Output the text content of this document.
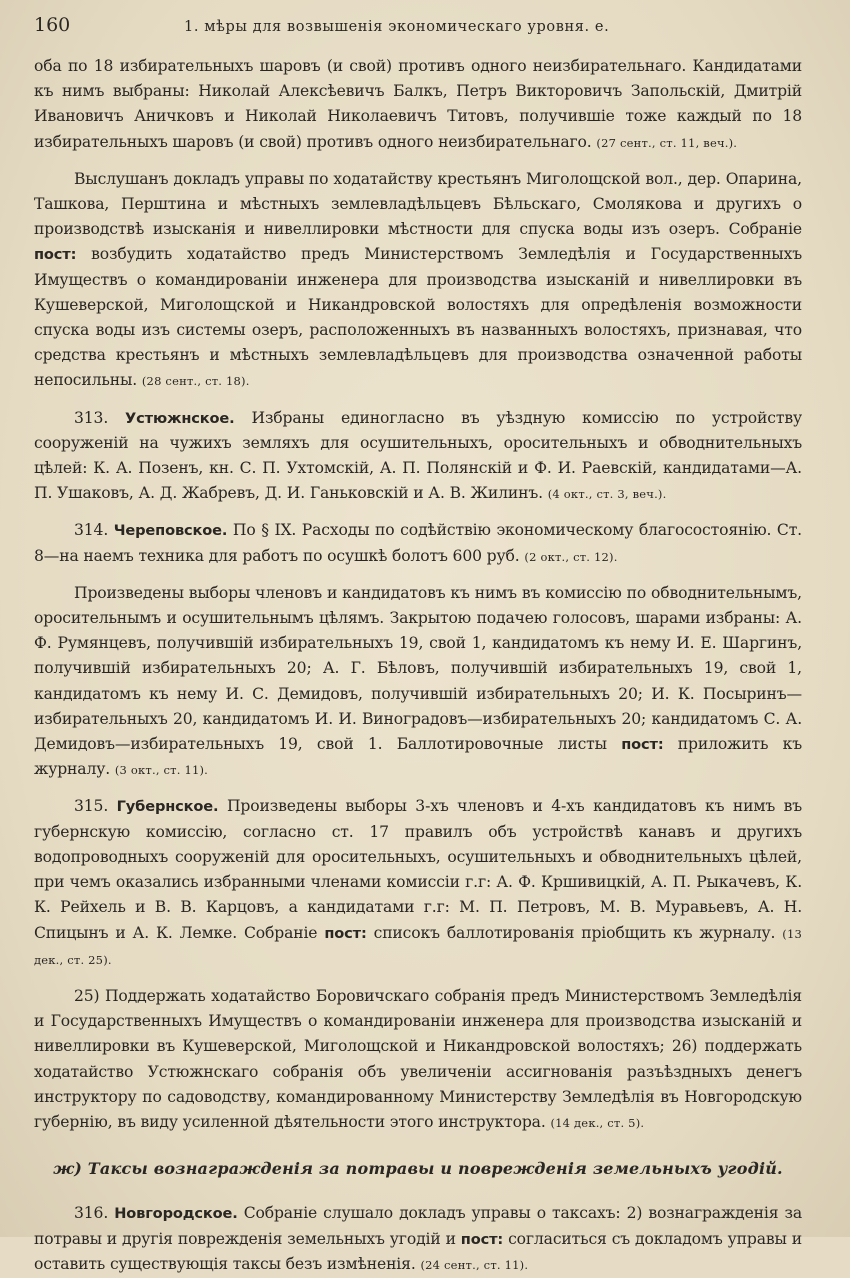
160	1. мѣры для возвышенія экономическаго уровня. е.

оба по 18 избирательныхъ шаровъ (и свой) противъ одного неизбирательнаго. Кандидатами къ нимъ выбраны: Николай Алексѣевичъ Балкъ, Петръ Викторовичъ Запольскій, Дмитрій Ивановичъ Аничковъ и Николай Николаевичъ Титовъ, получившіе тоже каждый по 18 избирательныхъ шаровъ (и свой) противъ одного неизбирательнаго. (27 сент., ст. 11, веч.).

Выслушанъ докладъ управы по ходатайству крестьянъ Миголощской вол., дер. Опарина, Ташкова, Перштина и мѣстныхъ землевладѣльцевъ Бѣльскаго, Смолякова и другихъ о производствѣ изысканія и нивеллировки мѣстности для спуска воды изъ озеръ. Собраніе пост: возбудить ходатайство предъ Министерствомъ Земледѣлія и Государственныхъ Имуществъ о командированіи инженера для производства изысканій и нивеллировки въ Кушеверской, Миголощской и Никандровской волостяхъ для опредѣленія возможности спуска воды изъ системы озеръ, расположенныхъ въ названныхъ волостяхъ, признавая, что средства крестьянъ и мѣстныхъ землевладѣльцевъ для производства означенной работы непосильны. (28 сент., ст. 18).

313. Устюжнское. Избраны единогласно въ уѣздную комиссію по устройству сооруженій на чужихъ земляхъ для осушительныхъ, оросительныхъ и обводнительныхъ цѣлей: К. А. Позенъ, кн. С. П. Ухтомскій, А. П. Полянскій и Ф. И. Раевскій, кандидатами—А. П. Ушаковъ, А. Д. Жабревъ, Д. И. Ганьковскій и А. В. Жилинъ. (4 окт., ст. 3, веч.).

314. Череповское. По § IX. Расходы по содѣйствію экономическому благосостоянію. Ст. 8—на наемъ техника для работъ по осушкѣ болотъ 600 руб. (2 окт., ст. 12).

Произведены выборы членовъ и кандидатовъ къ нимъ въ комиссію по обводнительнымъ, оросительнымъ и осушительнымъ цѣлямъ. Закрытою подачею голосовъ, шарами избраны: А. Ф. Румянцевъ, получившій избирательныхъ 19, свой 1, кандидатомъ къ нему И. Е. Шаргинъ, получившій избирательныхъ 20; А. Г. Бѣловъ, получившій избирательныхъ 19, свой 1, кандидатомъ къ нему И. С. Демидовъ, получившій избирательныхъ 20; И. К. Посыринъ—избирательныхъ 20, кандидатомъ И. И. Виноградовъ—избирательныхъ 20; кандидатомъ С. А. Демидовъ—избирательныхъ 19, свой 1. Баллотировочные листы пост: приложить къ журналу. (3 окт., ст. 11).

315. Губернское. Произведены выборы 3-хъ членовъ и 4-хъ кандидатовъ къ нимъ въ губернскую комиссію, согласно ст. 17 правилъ объ устройствѣ канавъ и другихъ водопроводныхъ сооруженій для оросительныхъ, осушительныхъ и обводнительныхъ цѣлей, при чемъ оказались избранными членами комиссіи г.г: А. Ф. Кршивицкій, А. П. Рыкачевъ, К. К. Рейхель и В. В. Карцовъ, а кандидатами г.г: М. П. Петровъ, М. В. Муравьевъ, А. Н. Спицынъ и А. К. Лемке. Собраніе пост: списокъ баллотированія пріобщить къ журналу. (13 дек., ст. 25).

25) Поддержать ходатайство Боровичскаго собранія предъ Министерствомъ Земледѣлія и Государственныхъ Имуществъ о командированіи инженера для производства изысканій и нивеллировки въ Кушеверской, Миголощской и Никандровской волостяхъ; 26) поддержать ходатайство Устюжнскаго собранія объ увеличеніи ассигнованія разъѣздныхъ денегъ инструктору по садоводству, командированному Министерству Земледѣлія въ Новгородскую губернію, въ виду усиленной дѣятельности этого инструктора. (14 дек., ст. 5).

ж) Таксы вознагражденія за потравы и поврежденія земельныхъ угодій.

316. Новгородское. Собраніе слушало докладъ управы о таксахъ: 2) вознагражденія за потравы и другія поврежденія земельныхъ угодій и пост: согласиться съ докладомъ управы и оставить существующія таксы безъ измѣненія. (24 сент., ст. 11).
